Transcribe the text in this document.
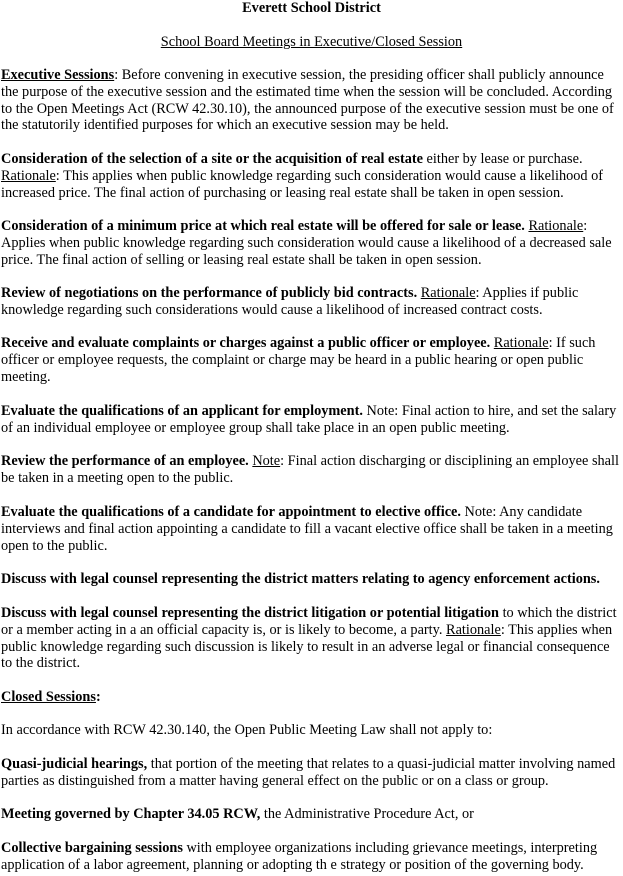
Everett School District
School Board Meetings in Executive/Closed Session
Executive Sessions: Before convening in executive session, the presiding officer shall publicly announce the purpose of the executive session and the estimated time when the session will be concluded. According to the Open Meetings Act (RCW 42.30.10), the announced purpose of the executive session must be one of the statutorily identified purposes for which an executive session may be held.
Consideration of the selection of a site or the acquisition of real estate either by lease or purchase. Rationale: This applies when public knowledge regarding such consideration would cause a likelihood of increased price. The final action of purchasing or leasing real estate shall be taken in open session.
Consideration of a minimum price at which real estate will be offered for sale or lease. Rationale: Applies when public knowledge regarding such consideration would cause a likelihood of a decreased sale price. The final action of selling or leasing real estate shall be taken in open session.
Review of negotiations on the performance of publicly bid contracts. Rationale: Applies if public knowledge regarding such considerations would cause a likelihood of increased contract costs.
Receive and evaluate complaints or charges against a public officer or employee. Rationale: If such officer or employee requests, the complaint or charge may be heard in a public hearing or open public meeting.
Evaluate the qualifications of an applicant for employment. Note: Final action to hire, and set the salary of an individual employee or employee group shall take place in an open public meeting.
Review the performance of an employee. Note: Final action discharging or disciplining an employee shall be taken in a meeting open to the public.
Evaluate the qualifications of a candidate for appointment to elective office. Note: Any candidate interviews and final action appointing a candidate to fill a vacant elective office shall be taken in a meeting open to the public.
Discuss with legal counsel representing the district matters relating to agency enforcement actions.
Discuss with legal counsel representing the district litigation or potential litigation to which the district or a member acting in a an official capacity is, or is likely to become, a party. Rationale: This applies when public knowledge regarding such discussion is likely to result in an adverse legal or financial consequence to the district.
Closed Sessions:
In accordance with RCW 42.30.140, the Open Public Meeting Law shall not apply to:
Quasi-judicial hearings, that portion of the meeting that relates to a quasi-judicial matter involving named parties as distinguished from a matter having general effect on the public or on a class or group.
Meeting governed by Chapter 34.05 RCW, the Administrative Procedure Act, or
Collective bargaining sessions with employee organizations including grievance meetings, interpreting application of a labor agreement, planning or adopting th e strategy or position of the governing body.
